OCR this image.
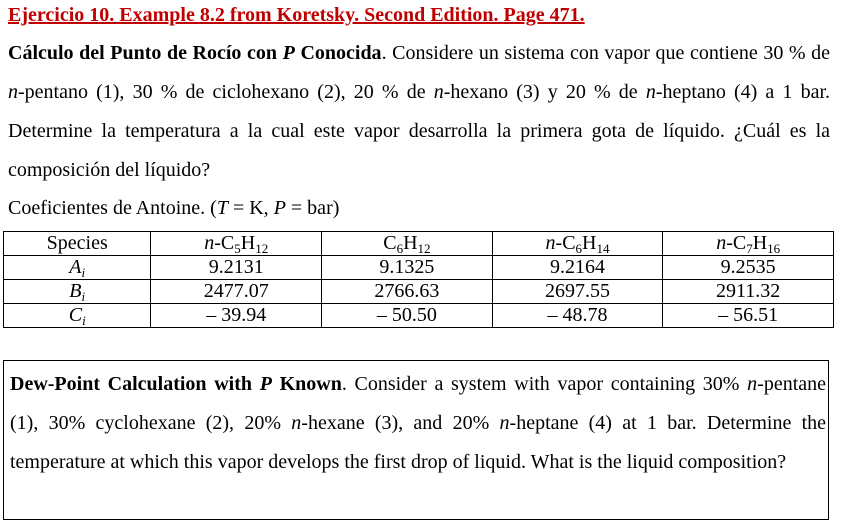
Ejercicio 10. Example 8.2 from Koretsky. Second Edition. Page 471.

Cálculo del Punto de Rocío con P Conocida. Considere un sistema con vapor que contiene 30 % de n-pentano (1), 30 % de ciclohexano (2), 20 % de n-hexano (3) y 20 % de n-heptano (4) a 1 bar. Determine la temperatura a la cual este vapor desarrolla la primera gota de líquido. ¿Cuál es la composición del líquido?

Coeficientes de Antoine. (T = K, P = bar)

Species	$n-C_5H_{12}$	$C_6H_{12}$	$n-C_6H_{14}$	$n-C_7H_{16}$
$A_i$	9.2131	9.1325	9.2164	9.2535
$B_i$	2477.07	2766.63	2697.55	2911.32
$C_i$	– 39.94	– 50.50	– 48.78	– 56.51

Dew-Point Calculation with P Known. Consider a system with vapor containing 30% n-pentane (1), 30% cyclohexane (2), 20% n-hexane (3), and 20% n-heptane (4) at 1 bar. Determine the temperature at which this vapor develops the first drop of liquid. What is the liquid composition?
